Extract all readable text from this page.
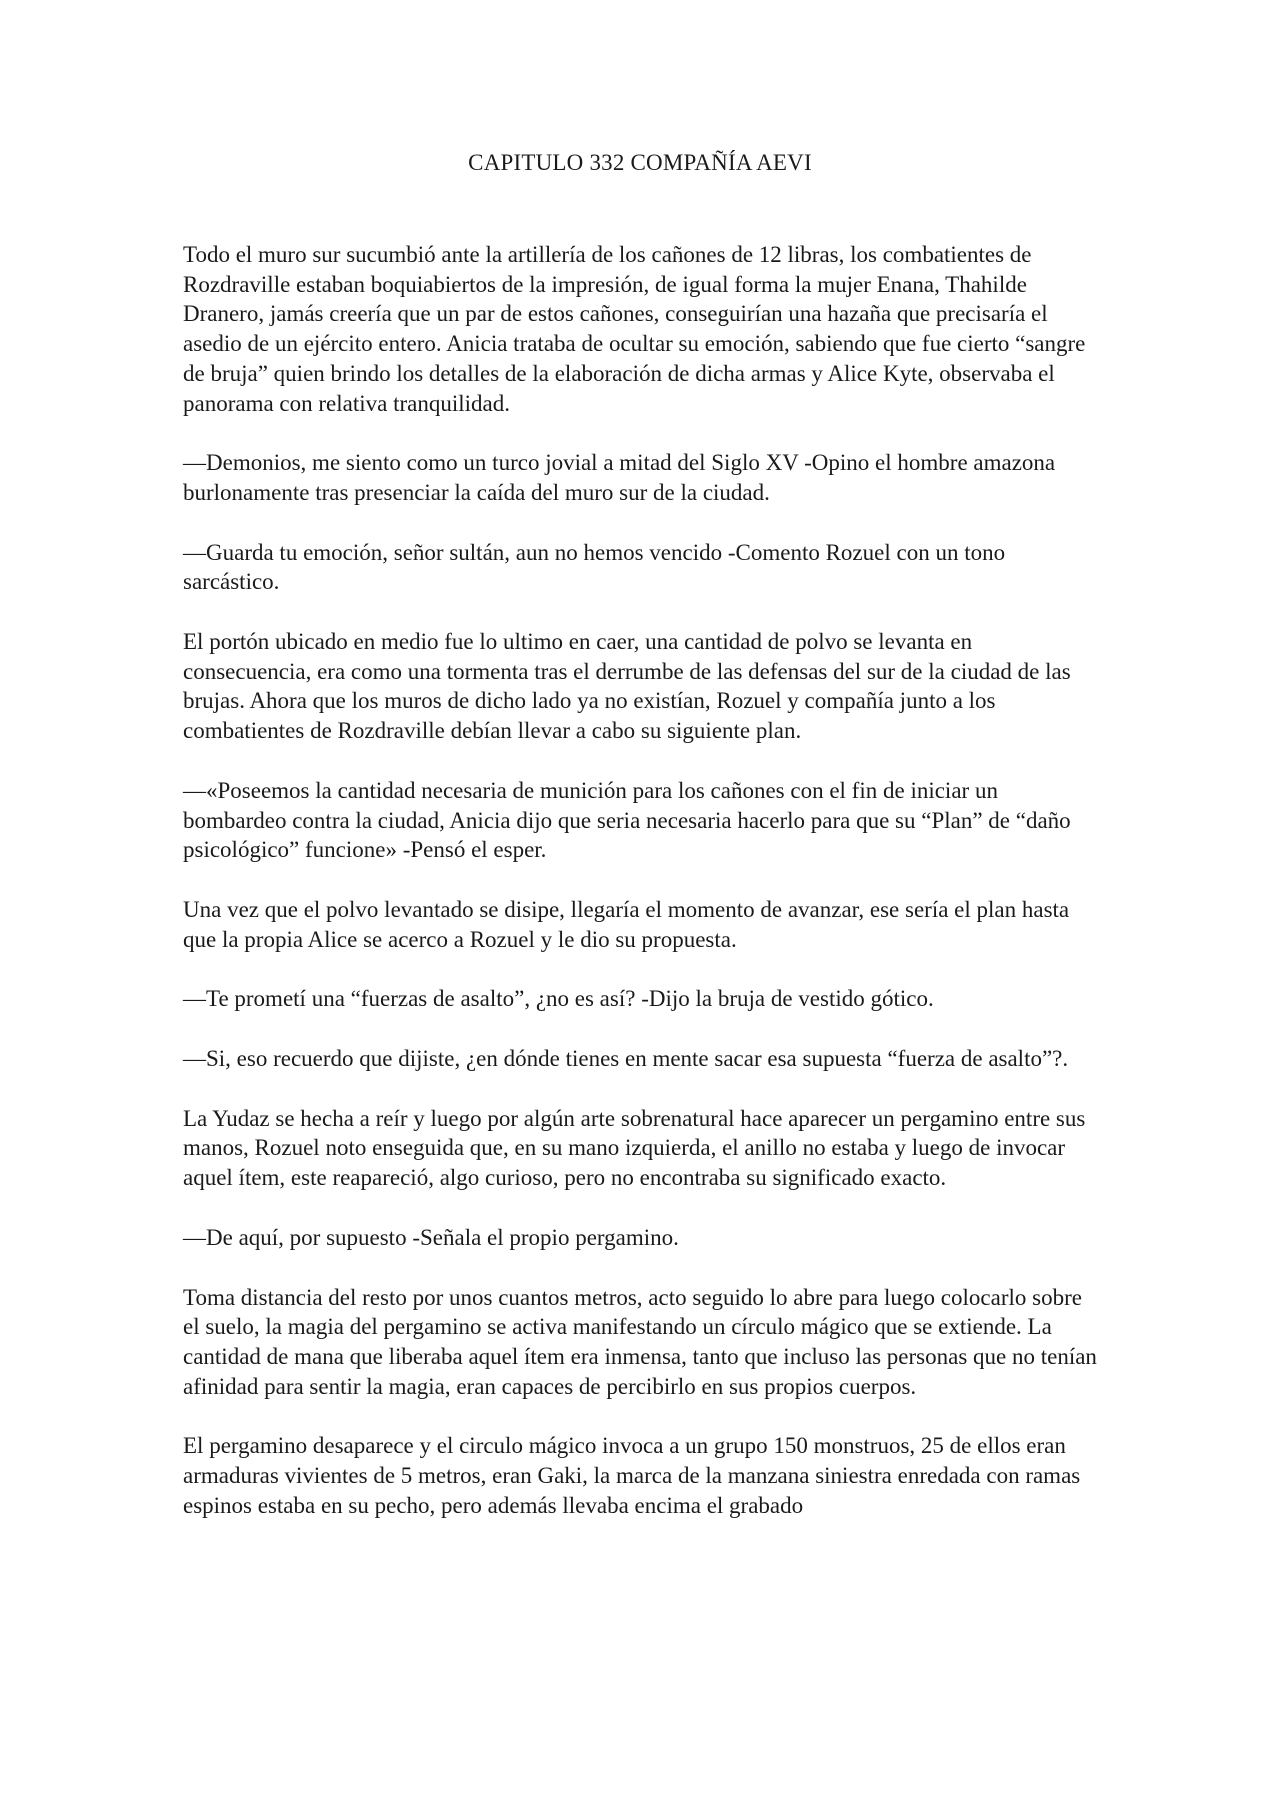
CAPITULO 332 COMPAÑÍA AEVI

Todo el muro sur sucumbió ante la artillería de los cañones de 12 libras, los combatientes de Rozdraville estaban boquiabiertos de la impresión, de igual forma la mujer Enana, Thahilde Dranero, jamás creería que un par de estos cañones, conseguirían una hazaña que precisaría el asedio de un ejército entero. Anicia trataba de ocultar su emoción, sabiendo que fue cierto “sangre de bruja” quien brindo los detalles de la elaboración de dicha armas y Alice Kyte, observaba el panorama con relativa tranquilidad.

—Demonios, me siento como un turco jovial a mitad del Siglo XV -Opino el hombre amazona burlonamente tras presenciar la caída del muro sur de la ciudad.

—Guarda tu emoción, señor sultán, aun no hemos vencido -Comento Rozuel con un tono sarcástico.

El portón ubicado en medio fue lo ultimo en caer, una cantidad de polvo se levanta en consecuencia, era como una tormenta tras el derrumbe de las defensas del sur de la ciudad de las brujas. Ahora que los muros de dicho lado ya no existían, Rozuel y compañía junto a los combatientes de Rozdraville debían llevar a cabo su siguiente plan.

—«Poseemos la cantidad necesaria de munición para los cañones con el fin de iniciar un bombardeo contra la ciudad, Anicia dijo que seria necesaria hacerlo para que su “Plan” de “daño psicológico” funcione» -Pensó el esper.

Una vez que el polvo levantado se disipe, llegaría el momento de avanzar, ese sería el plan hasta que la propia Alice se acerco a Rozuel y le dio su propuesta.

—Te prometí una “fuerzas de asalto”, ¿no es así? -Dijo la bruja de vestido gótico.

—Si, eso recuerdo que dijiste, ¿en dónde tienes en mente sacar esa supuesta “fuerza de asalto”?.

La Yudaz se hecha a reír y luego por algún arte sobrenatural hace aparecer un pergamino entre sus manos, Rozuel noto enseguida que, en su mano izquierda, el anillo no estaba y luego de invocar aquel ítem, este reapareció, algo curioso, pero no encontraba su significado exacto.

—De aquí, por supuesto -Señala el propio pergamino.

Toma distancia del resto por unos cuantos metros, acto seguido lo abre para luego colocarlo sobre el suelo, la magia del pergamino se activa manifestando un círculo mágico que se extiende. La cantidad de mana que liberaba aquel ítem era inmensa, tanto que incluso las personas que no tenían afinidad para sentir la magia, eran capaces de percibirlo en sus propios cuerpos.

El pergamino desaparece y el circulo mágico invoca a un grupo 150 monstruos, 25 de ellos eran armaduras vivientes de 5 metros, eran Gaki, la marca de la manzana siniestra enredada con ramas espinos estaba en su pecho, pero además llevaba encima el grabado
